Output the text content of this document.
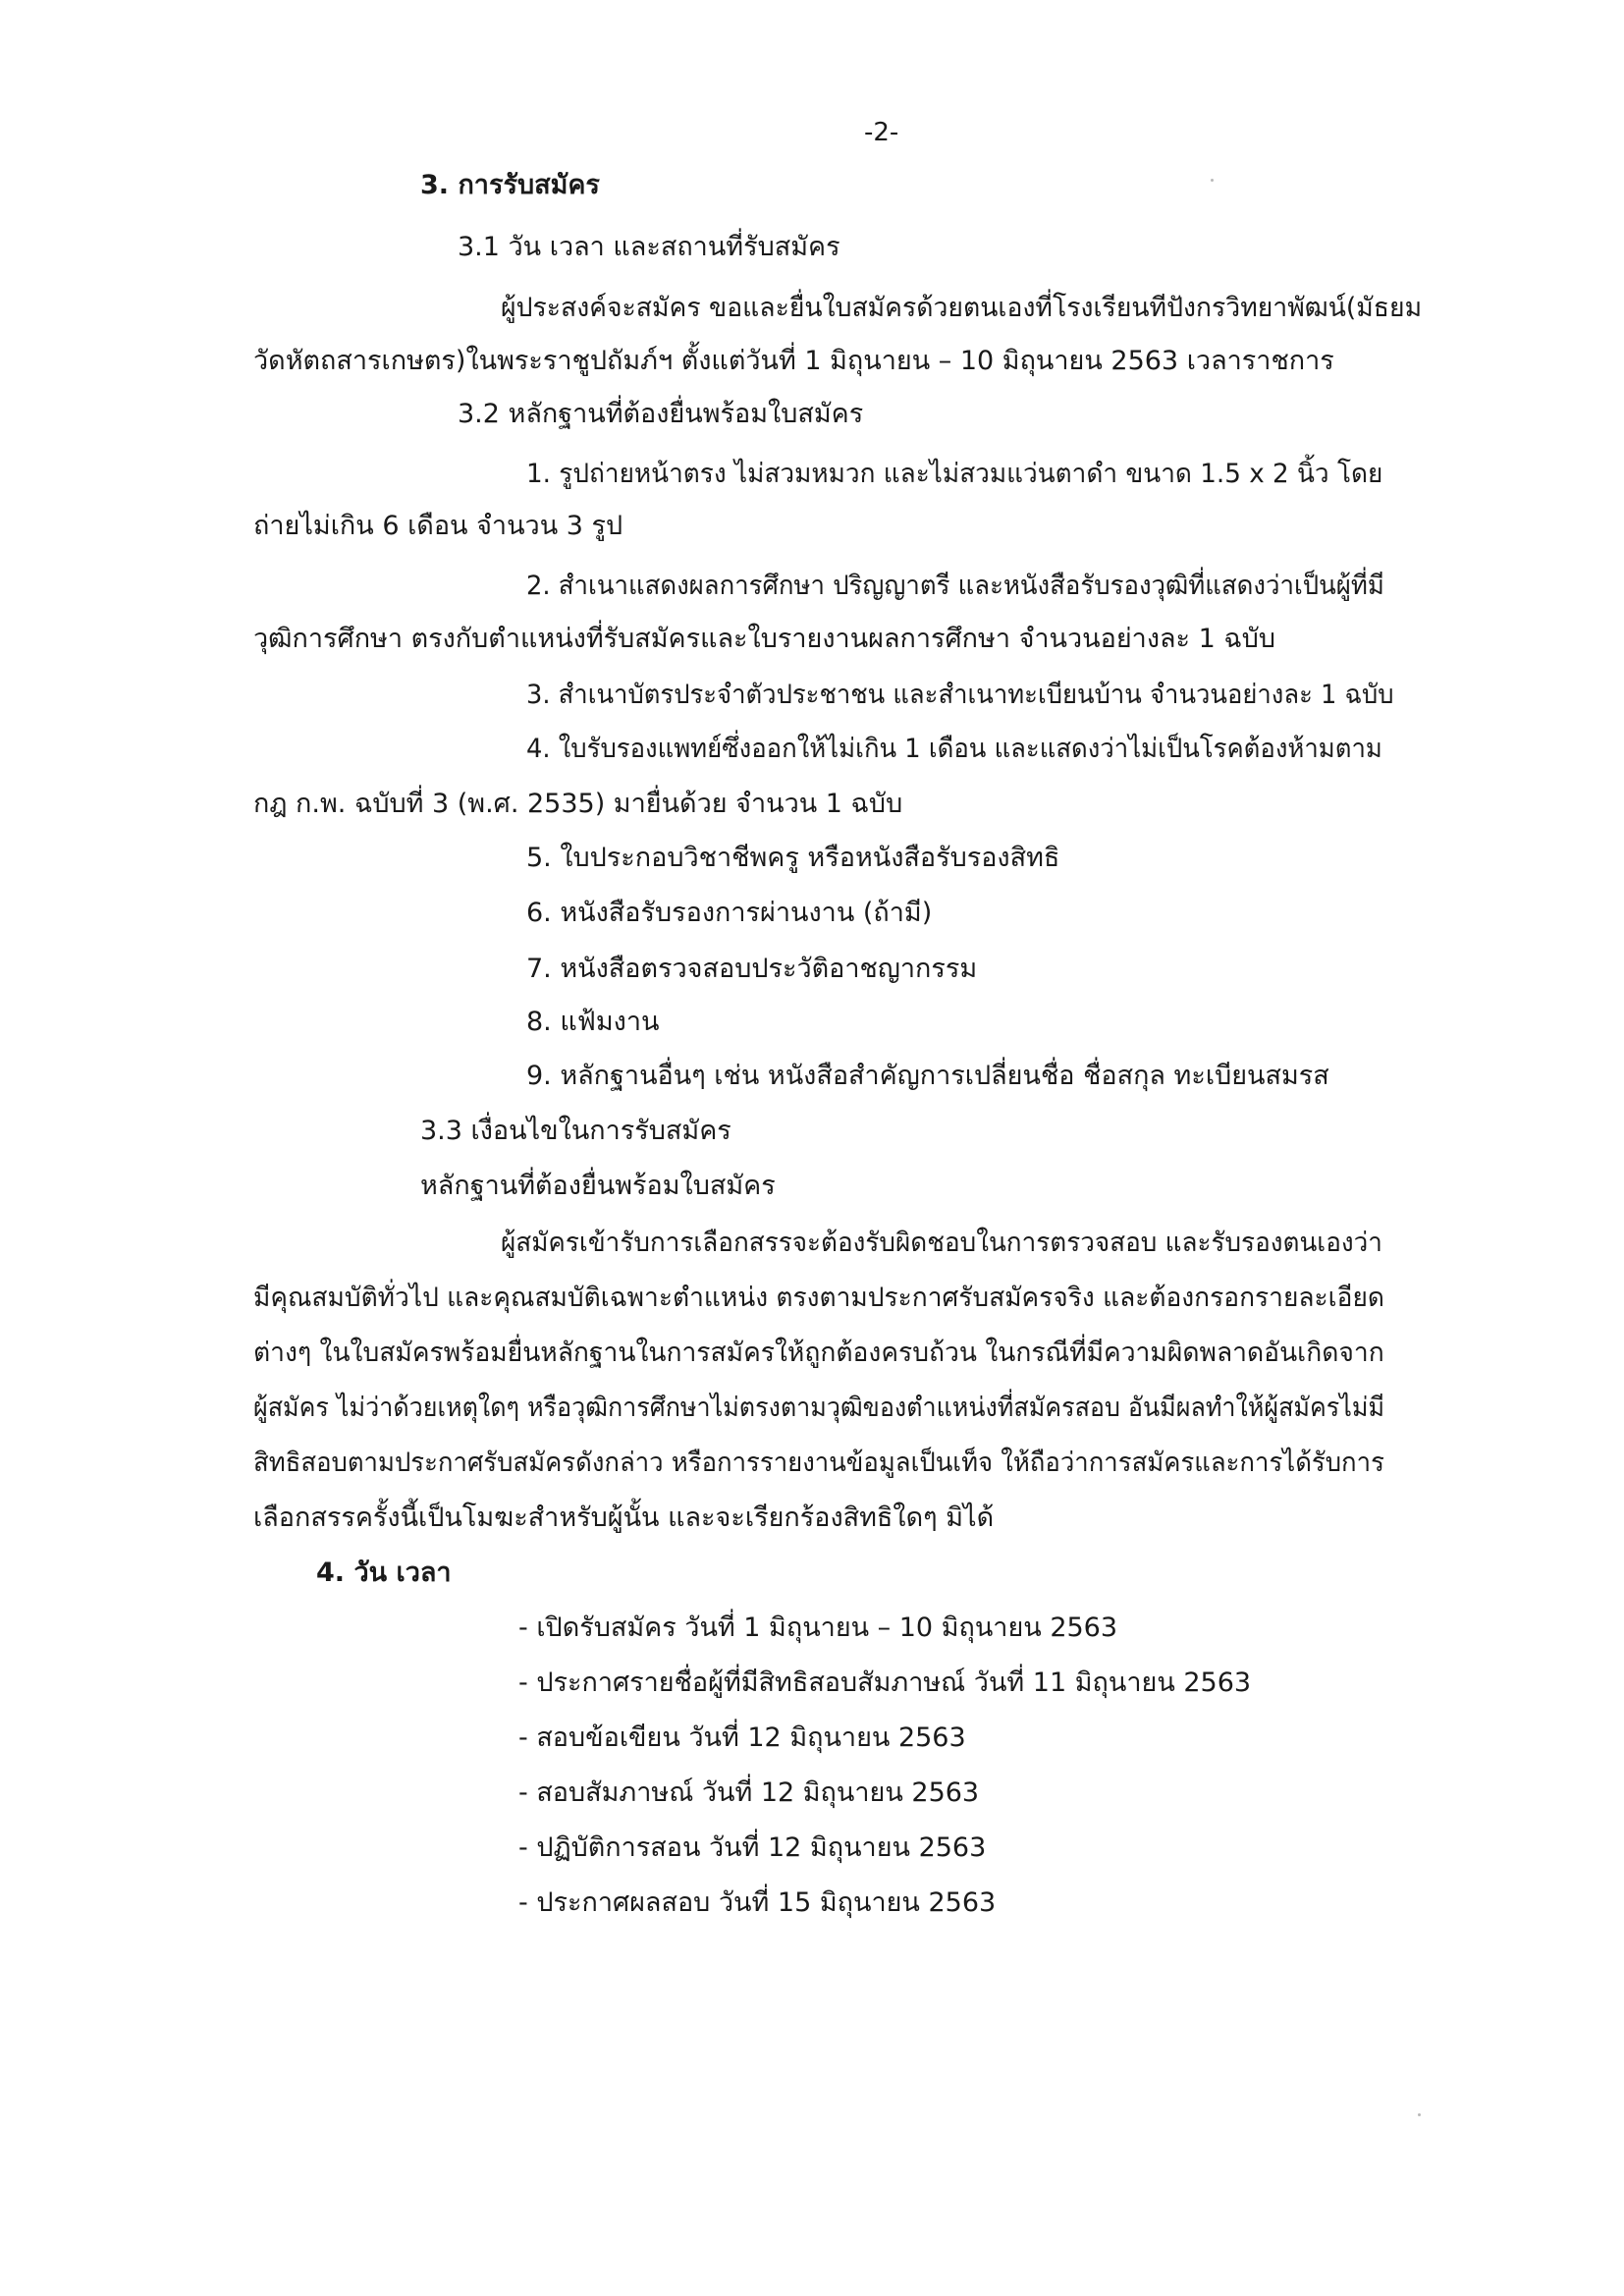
-2-
3. การรับสมัคร
3.1 วัน เวลา และสถานที่รับสมัคร
ผู้ประสงค์จะสมัคร ขอและยื่นใบสมัครด้วยตนเองที่โรงเรียนทีปังกรวิทยาพัฒน์(มัธยม
วัดหัตถสารเกษตร)ในพระราชูปถัมภ์ฯ ตั้งแต่วันที่ 1 มิถุนายน – 10 มิถุนายน 2563 เวลาราชการ
3.2 หลักฐานที่ต้องยื่นพร้อมใบสมัคร
1. รูปถ่ายหน้าตรง ไม่สวมหมวก และไม่สวมแว่นตาดำ ขนาด 1.5 x 2 นิ้ว โดย
ถ่ายไม่เกิน 6 เดือน จำนวน 3 รูป
2. สำเนาแสดงผลการศึกษา ปริญญาตรี และหนังสือรับรองวุฒิที่แสดงว่าเป็นผู้ที่มี
วุฒิการศึกษา ตรงกับตำแหน่งที่รับสมัครและใบรายงานผลการศึกษา จำนวนอย่างละ 1 ฉบับ
3. สำเนาบัตรประจำตัวประชาชน และสำเนาทะเบียนบ้าน จำนวนอย่างละ 1 ฉบับ
4. ใบรับรองแพทย์ซึ่งออกให้ไม่เกิน 1 เดือน และแสดงว่าไม่เป็นโรคต้องห้ามตาม
กฎ ก.พ. ฉบับที่ 3 (พ.ศ. 2535) มายื่นด้วย จำนวน 1 ฉบับ
5. ใบประกอบวิชาชีพครู หรือหนังสือรับรองสิทธิ
6. หนังสือรับรองการผ่านงาน (ถ้ามี)
7. หนังสือตรวจสอบประวัติอาชญากรรม
8. แฟ้มงาน
9. หลักฐานอื่นๆ เช่น หนังสือสำคัญการเปลี่ยนชื่อ ชื่อสกุล ทะเบียนสมรส
3.3 เงื่อนไขในการรับสมัคร
หลักฐานที่ต้องยื่นพร้อมใบสมัคร
ผู้สมัครเข้ารับการเลือกสรรจะต้องรับผิดชอบในการตรวจสอบ และรับรองตนเองว่า
มีคุณสมบัติทั่วไป และคุณสมบัติเฉพาะตำแหน่ง ตรงตามประกาศรับสมัครจริง และต้องกรอกรายละเอียด
ต่างๆ ในใบสมัครพร้อมยื่นหลักฐานในการสมัครให้ถูกต้องครบถ้วน ในกรณีที่มีความผิดพลาดอันเกิดจาก
ผู้สมัคร ไม่ว่าด้วยเหตุใดๆ หรือวุฒิการศึกษาไม่ตรงตามวุฒิของตำแหน่งที่สมัครสอบ อันมีผลทำให้ผู้สมัครไม่มี
สิทธิสอบตามประกาศรับสมัครดังกล่าว หรือการรายงานข้อมูลเป็นเท็จ ให้ถือว่าการสมัครและการได้รับการ
เลือกสรรครั้งนี้เป็นโมฆะสำหรับผู้นั้น และจะเรียกร้องสิทธิใดๆ มิได้
4. วัน เวลา
- เปิดรับสมัคร วันที่ 1 มิถุนายน – 10 มิถุนายน 2563
- ประกาศรายชื่อผู้ที่มีสิทธิสอบสัมภาษณ์ วันที่ 11 มิถุนายน 2563
- สอบข้อเขียน วันที่ 12 มิถุนายน 2563
- สอบสัมภาษณ์ วันที่ 12 มิถุนายน 2563
- ปฏิบัติการสอน วันที่ 12 มิถุนายน 2563
- ประกาศผลสอบ วันที่ 15 มิถุนายน 2563
